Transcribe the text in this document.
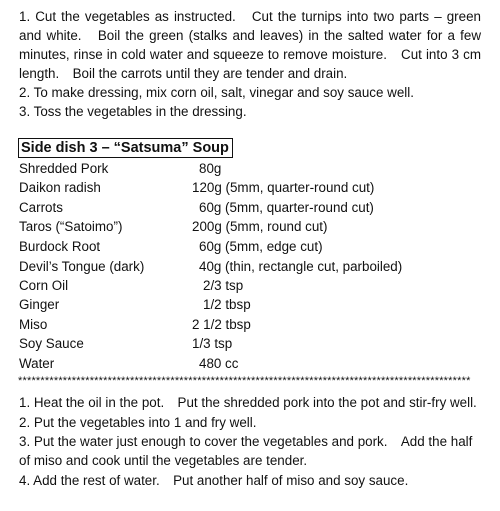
1. Cut the vegetables as instructed.　Cut the turnips into two parts – green and white.　Boil the green (stalks and leaves) in the salted water for a few minutes, rinse in cold water and squeeze to remove moisture.　Cut into 3 cm length.　Boil the carrots until they are tender and drain.

2. To make dressing, mix corn oil, salt, vinegar and soy sauce well.

3. Toss the vegetables in the dressing.

Side dish 3 – “Satsuma” Soup
Shredded Pork	80g
Daikon radish	120g (5mm, quarter-round cut)
Carrots	60g (5mm, quarter-round cut)
Taros (“Satoimo”)	200g (5mm, round cut)
Burdock Root	60g (5mm, edge cut)
Devil’s Tongue (dark)	40g (thin, rectangle cut, parboiled)
Corn Oil	2/3 tsp
Ginger	1/2 tbsp
Miso	2 1/2 tbsp
Soy Sauce	1/3 tsp
Water	480 cc
*****************************************************************************************************

1. Heat the oil in the pot.　Put the shredded pork into the pot and stir-fry well.

2. Put the vegetables into 1 and fry well.

3. Put the water just enough to cover the vegetables and pork.　Add the half of miso and cook until the vegetables are tender.

4. Add the rest of water.　Put another half of miso and soy sauce.
